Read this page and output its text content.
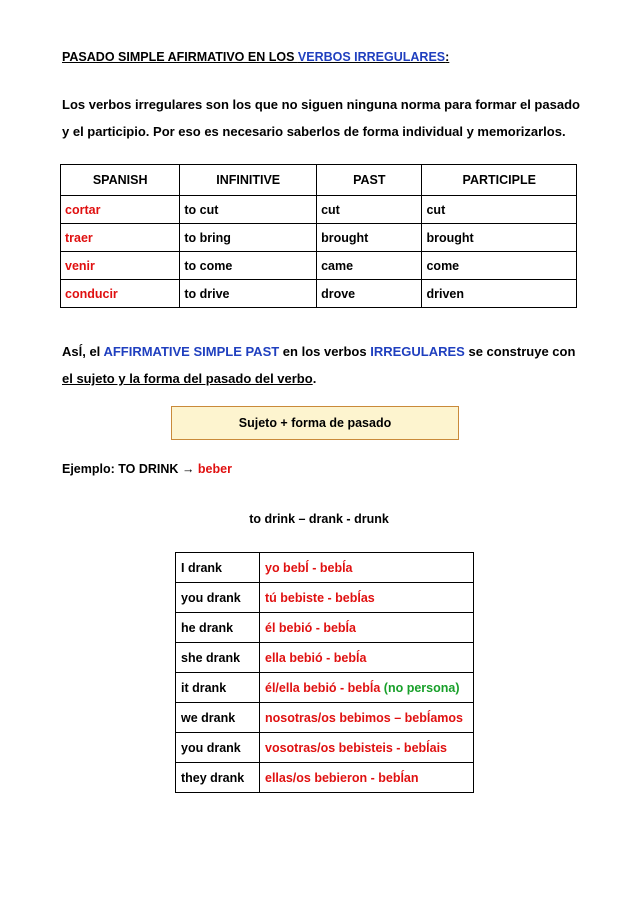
PASADO SIMPLE AFIRMATIVO EN LOS VERBOS IRREGULARES:
Los verbos irregulares son los que no siguen ninguna norma para formar el pasado
y el participio. Por eso es necesario saberlos de forma individual y memorizarlos.
SPANISH	INFINITIVE	PAST	PARTICIPLE
cortar	to cut	cut	cut
traer	to bring	brought	brought
venir	to come	came	come
conducir	to drive	drove	driven
Asĺ, el AFFIRMATIVE SIMPLE PAST en los verbos IRREGULARES se construye con
el sujeto y la forma del pasado del verbo.
Sujeto + forma de pasado
Ejemplo: TO DRINK → beber
to drink – drank - drunk
I drank	yo bebĺ - bebĺa
you drank	tú bebiste - bebĺas
he drank	él bebió - bebĺa
she drank	ella bebió - bebĺa
it drank	él/ella bebió - bebĺa (no persona)
we drank	nosotras/os bebimos – bebĺamos
you drank	vosotras/os bebisteis - bebĺais
they drank	ellas/os bebieron - bebĺan
